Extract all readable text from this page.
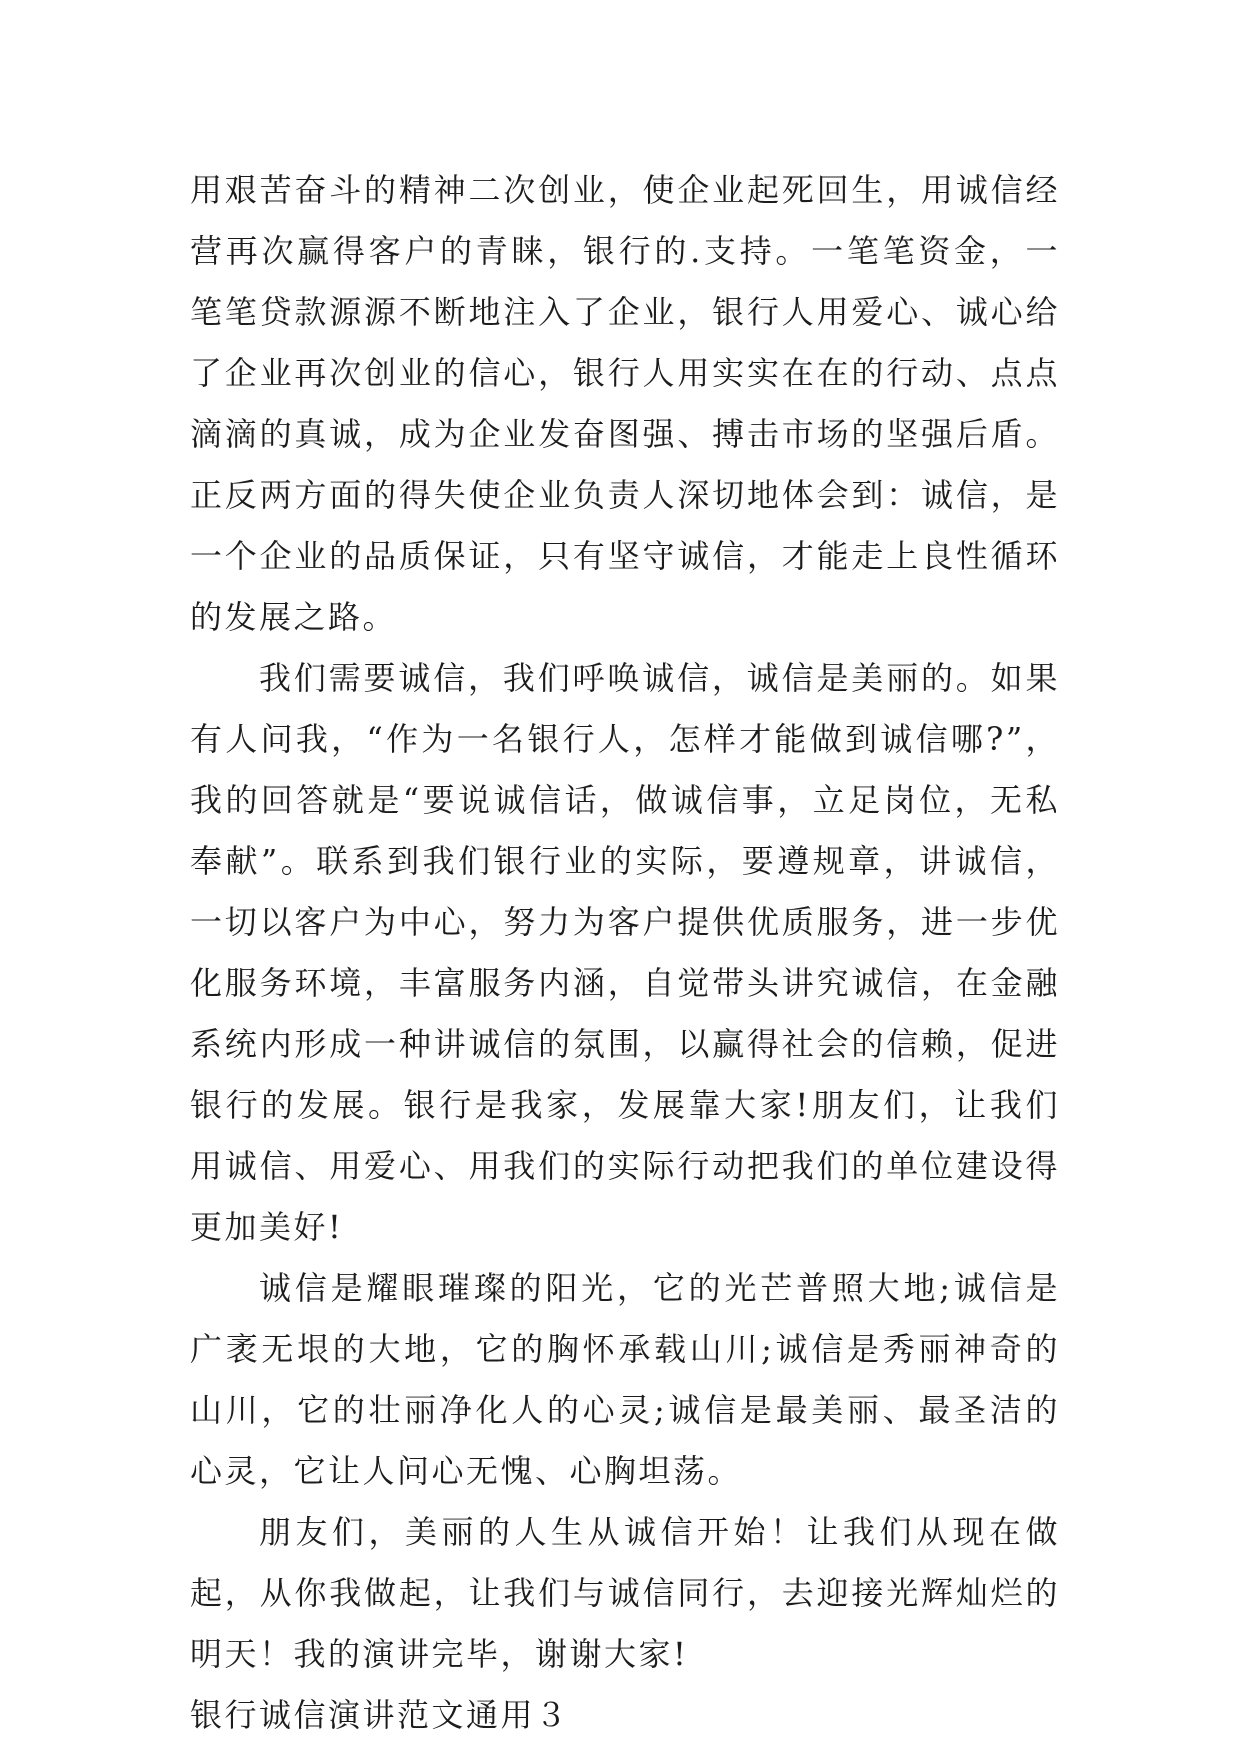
用艰苦奋斗的精神二次创业，使企业起死回生，用诚信经营再次赢得客户的青睐，银行的.支持。一笔笔资金，一笔笔贷款源源不断地注入了企业，银行人用爱心、诚心给了企业再次创业的信心，银行人用实实在在的行动、点点滴滴的真诚，成为企业发奋图强、搏击市场的坚强后盾。正反两方面的得失使企业负责人深切地体会到：诚信，是一个企业的品质保证，只有坚守诚信，才能走上良性循环的发展之路。

我们需要诚信，我们呼唤诚信，诚信是美丽的。如果有人问我，“作为一名银行人，怎样才能做到诚信哪?”，我的回答就是“要说诚信话，做诚信事，立足岗位，无私奉献”。联系到我们银行业的实际，要遵规章，讲诚信，一切以客户为中心，努力为客户提供优质服务，进一步优化服务环境，丰富服务内涵，自觉带头讲究诚信，在金融系统内形成一种讲诚信的氛围，以赢得社会的信赖，促进银行的发展。银行是我家，发展靠大家!朋友们，让我们用诚信、用爱心、用我们的实际行动把我们的单位建设得更加美好!

诚信是耀眼璀璨的阳光，它的光芒普照大地;诚信是广袤无垠的大地，它的胸怀承载山川;诚信是秀丽神奇的山川，它的壮丽净化人的心灵;诚信是最美丽、最圣洁的心灵，它让人问心无愧、心胸坦荡。

朋友们，美丽的人生从诚信开始！让我们从现在做起，从你我做起，让我们与诚信同行，去迎接光辉灿烂的明天！我的演讲完毕，谢谢大家!

银行诚信演讲范文通用３
